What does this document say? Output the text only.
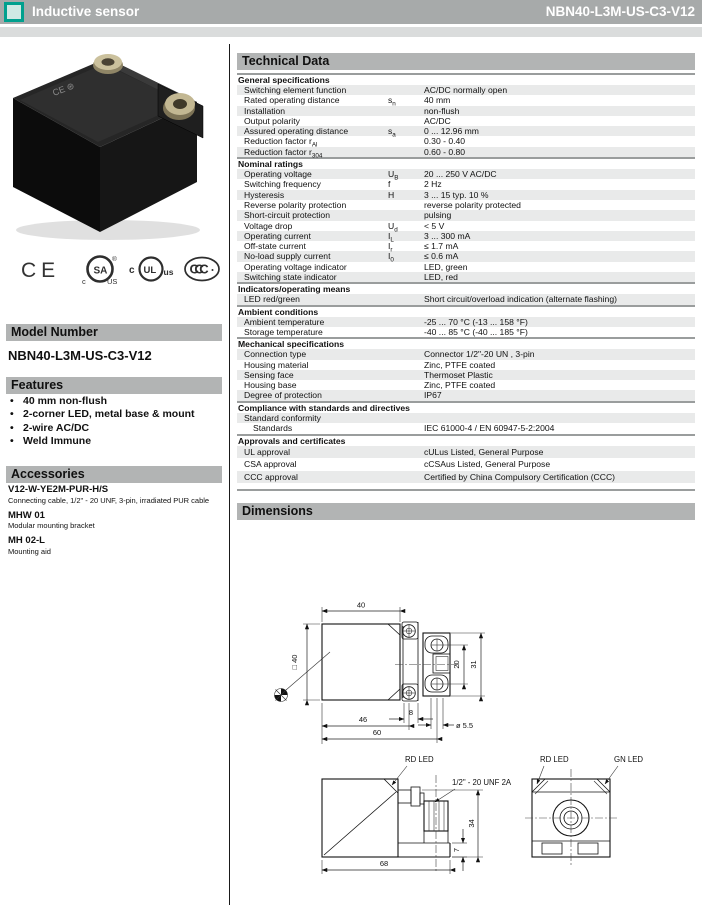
Inductive sensor	NBN40-L3M-US-C3-V12
CE ⊛
CE	SA
c	US
®
c UL us CCC
Model Number
NBN40-L3M-US-C3-V12
Features
• 40 mm non-flush
• 2-corner LED, metal base & mount
• 2-wire AC/DC
• Weld Immune
Accessories
V12-W-YE2M-PUR-H/S
Connecting cable, 1/2" - 20 UNF, 3-pin, irradiated PUR cable
MHW 01
Modular mounting bracket
MH 02-L
Mounting aid
Technical Data
General specifications
Switching element function	AC/DC normally open
Rated operating distance	$s_n$	40 mm
Installation	non-flush
Output polarity	AC/DC
Assured operating distance	$s_a$	0 ... 12.96 mm
Reduction factor $r_{Al}$	0.30 - 0.40
Reduction factor $r_{304}$	0.60 - 0.80
Nominal ratings
Operating voltage	$U_B$	20 ... 250 V AC/DC
Switching frequency	f	2 Hz
Hysteresis	H	3 ... 15 typ. 10 %
Reverse polarity protection	reverse polarity protected
Short-circuit protection	pulsing
Voltage drop	$U_d$	< 5 V
Operating current	$I_L$	3 ... 300 mA
Off-state current	$I_r$	≤ 1.7 mA
No-load supply current	$I_0$	≤ 0.6 mA
Operating voltage indicator	LED, green
Switching state indicator	LED, red
Indicators/operating means
LED red/green	Short circuit/overload indication (alternate flashing)
Ambient conditions
Ambient temperature	-25 ... 70 °C (-13 ... 158 °F)
Storage temperature	-40 ... 85 °C (-40 ... 185 °F)
Mechanical specifications
Connection type	Connector 1/2"-20 UN , 3-pin
Housing material	Zinc, PTFE coated
Sensing face	Thermoset Plastic
Housing base	Zinc, PTFE coated
Degree of protection	IP67
Compliance with standards and directives
Standard conformity
Standards	IEC 61000-4 / EN 60947-5-2:2004
Approvals and certificates
UL approval	cULus Listed, General Purpose
CSA approval	cCSAus Listed, General Purpose
CCC approval	Certified by China Compulsory Certification (CCC)
Dimensions
40
□ 40	20 31
8
46
60
ø 5.5
RD LED
1/2" - 20 UNF 2A
34
7
68
RD LED	GN LED
